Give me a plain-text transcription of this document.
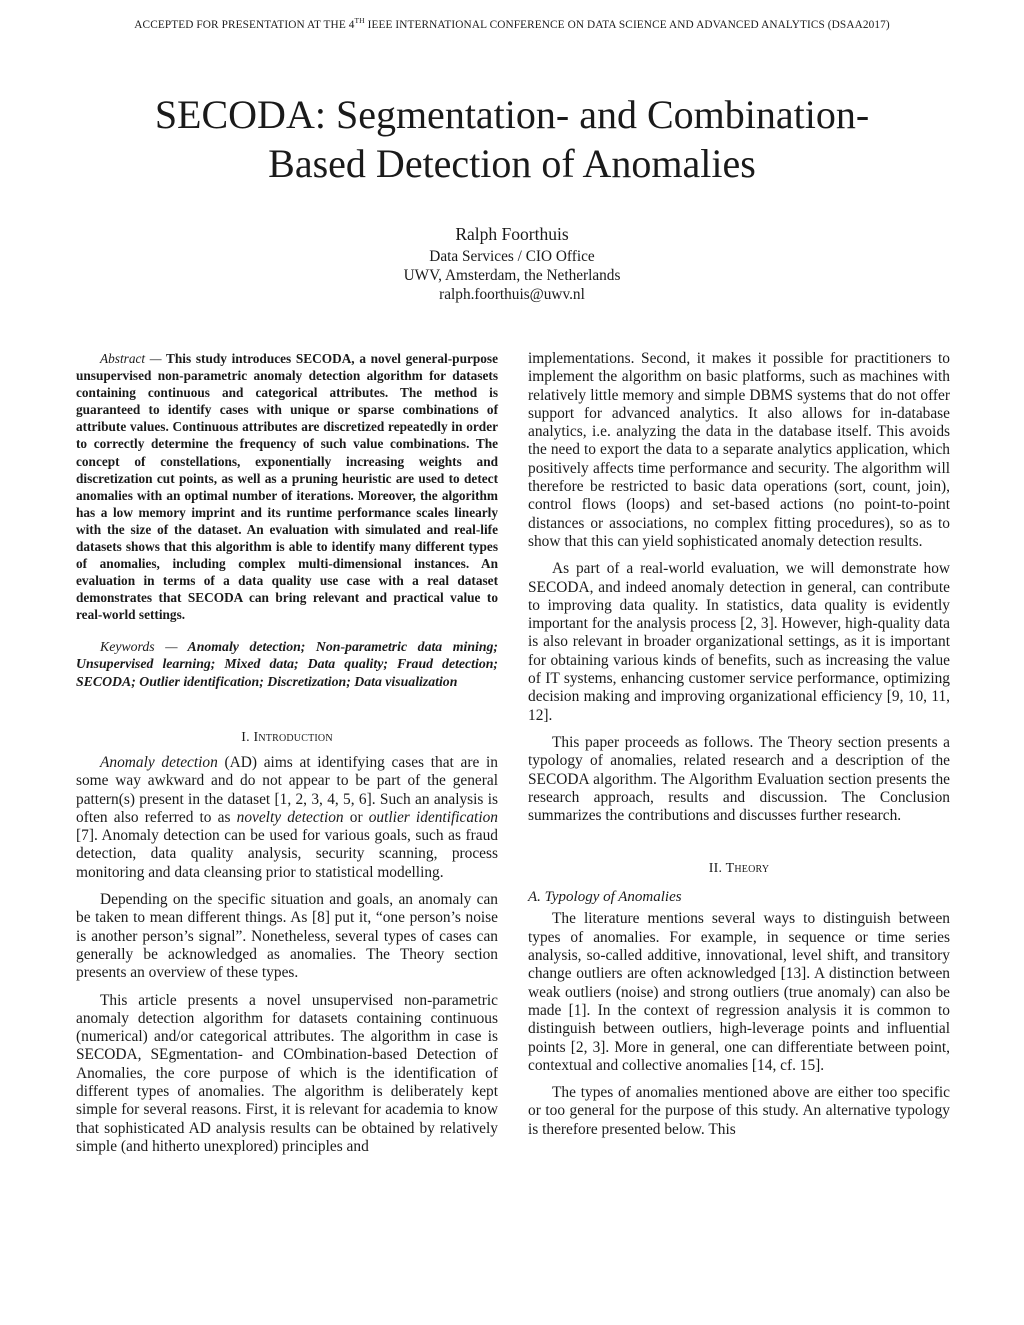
ACCEPTED FOR PRESENTATION AT THE 4TH IEEE INTERNATIONAL CONFERENCE ON DATA SCIENCE AND ADVANCED ANALYTICS (DSAA2017)
SECODA: Segmentation- and Combination-
Based Detection of Anomalies
Ralph Foorthuis
Data Services / CIO Office
UWV, Amsterdam, the Netherlands
ralph.foorthuis@uwv.nl

Abstract — This study introduces SECODA, a novel general-purpose unsupervised non-parametric anomaly detection algorithm for datasets containing continuous and categorical attributes. The method is guaranteed to identify cases with unique or sparse combinations of attribute values. Continuous attributes are discretized repeatedly in order to correctly determine the frequency of such value combinations. The concept of constellations, exponentially increasing weights and discretization cut points, as well as a pruning heuristic are used to detect anomalies with an optimal number of iterations. Moreover, the algorithm has a low memory imprint and its runtime performance scales linearly with the size of the dataset. An evaluation with simulated and real-life datasets shows that this algorithm is able to identify many different types of anomalies, including complex multi-dimensional instances. An evaluation in terms of a data quality use case with a real dataset demonstrates that SECODA can bring relevant and practical value to real-world settings.

Keywords — Anomaly detection; Non-parametric data mining; Unsupervised learning; Mixed data; Data quality; Fraud detection; SECODA; Outlier identification; Discretization; Data visualization

I. Introduction

Anomaly detection (AD) aims at identifying cases that are in some way awkward and do not appear to be part of the general pattern(s) present in the dataset [1, 2, 3, 4, 5, 6]. Such an analysis is often also referred to as novelty detection or outlier identification [7]. Anomaly detection can be used for various goals, such as fraud detection, data quality analysis, security scanning, process monitoring and data cleansing prior to statistical modelling.

Depending on the specific situation and goals, an anomaly can be taken to mean different things. As [8] put it, “one person’s noise is another person’s signal”. Nonetheless, several types of cases can generally be acknowledged as anomalies. The Theory section presents an overview of these types.

This article presents a novel unsupervised non-parametric anomaly detection algorithm for datasets containing continuous (numerical) and/or categorical attributes. The algorithm in case is SECODA, SEgmentation- and COmbination-based Detection of Anomalies, the core purpose of which is the identification of different types of anomalies. The algorithm is deliberately kept simple for several reasons. First, it is relevant for academia to know that sophisticated AD analysis results can be obtained by relatively simple (and hitherto unexplored) principles and

implementations. Second, it makes it possible for practitioners to implement the algorithm on basic platforms, such as machines with relatively little memory and simple DBMS systems that do not offer support for advanced analytics. It also allows for in-database analytics, i.e. analyzing the data in the database itself. This avoids the need to export the data to a separate analytics application, which positively affects time performance and security. The algorithm will therefore be restricted to basic data operations (sort, count, join), control flows (loops) and set-based actions (no point-to-point distances or associations, no complex fitting procedures), so as to show that this can yield sophisticated anomaly detection results.

As part of a real-world evaluation, we will demonstrate how SECODA, and indeed anomaly detection in general, can contribute to improving data quality. In statistics, data quality is evidently important for the analysis process [2, 3]. However, high-quality data is also relevant in broader organizational settings, as it is important for obtaining various kinds of benefits, such as increasing the value of IT systems, enhancing customer service performance, optimizing decision making and improving organizational efficiency [9, 10, 11, 12].

This paper proceeds as follows. The Theory section presents a typology of anomalies, related research and a description of the SECODA algorithm. The Algorithm Evaluation section presents the research approach, results and discussion. The Conclusion summarizes the contributions and discusses further research.

II. Theory
A. Typology of Anomalies

The literature mentions several ways to distinguish between types of anomalies. For example, in sequence or time series analysis, so-called additive, innovational, level shift, and transitory change outliers are often acknowledged [13]. A distinction between weak outliers (noise) and strong outliers (true anomaly) can also be made [1]. In the context of regression analysis it is common to distinguish between outliers, high-leverage points and influential points [2, 3]. More in general, one can differentiate between point, contextual and collective anomalies [14, cf. 15].

The types of anomalies mentioned above are either too specific or too general for the purpose of this study. An alternative typology is therefore presented below. This
